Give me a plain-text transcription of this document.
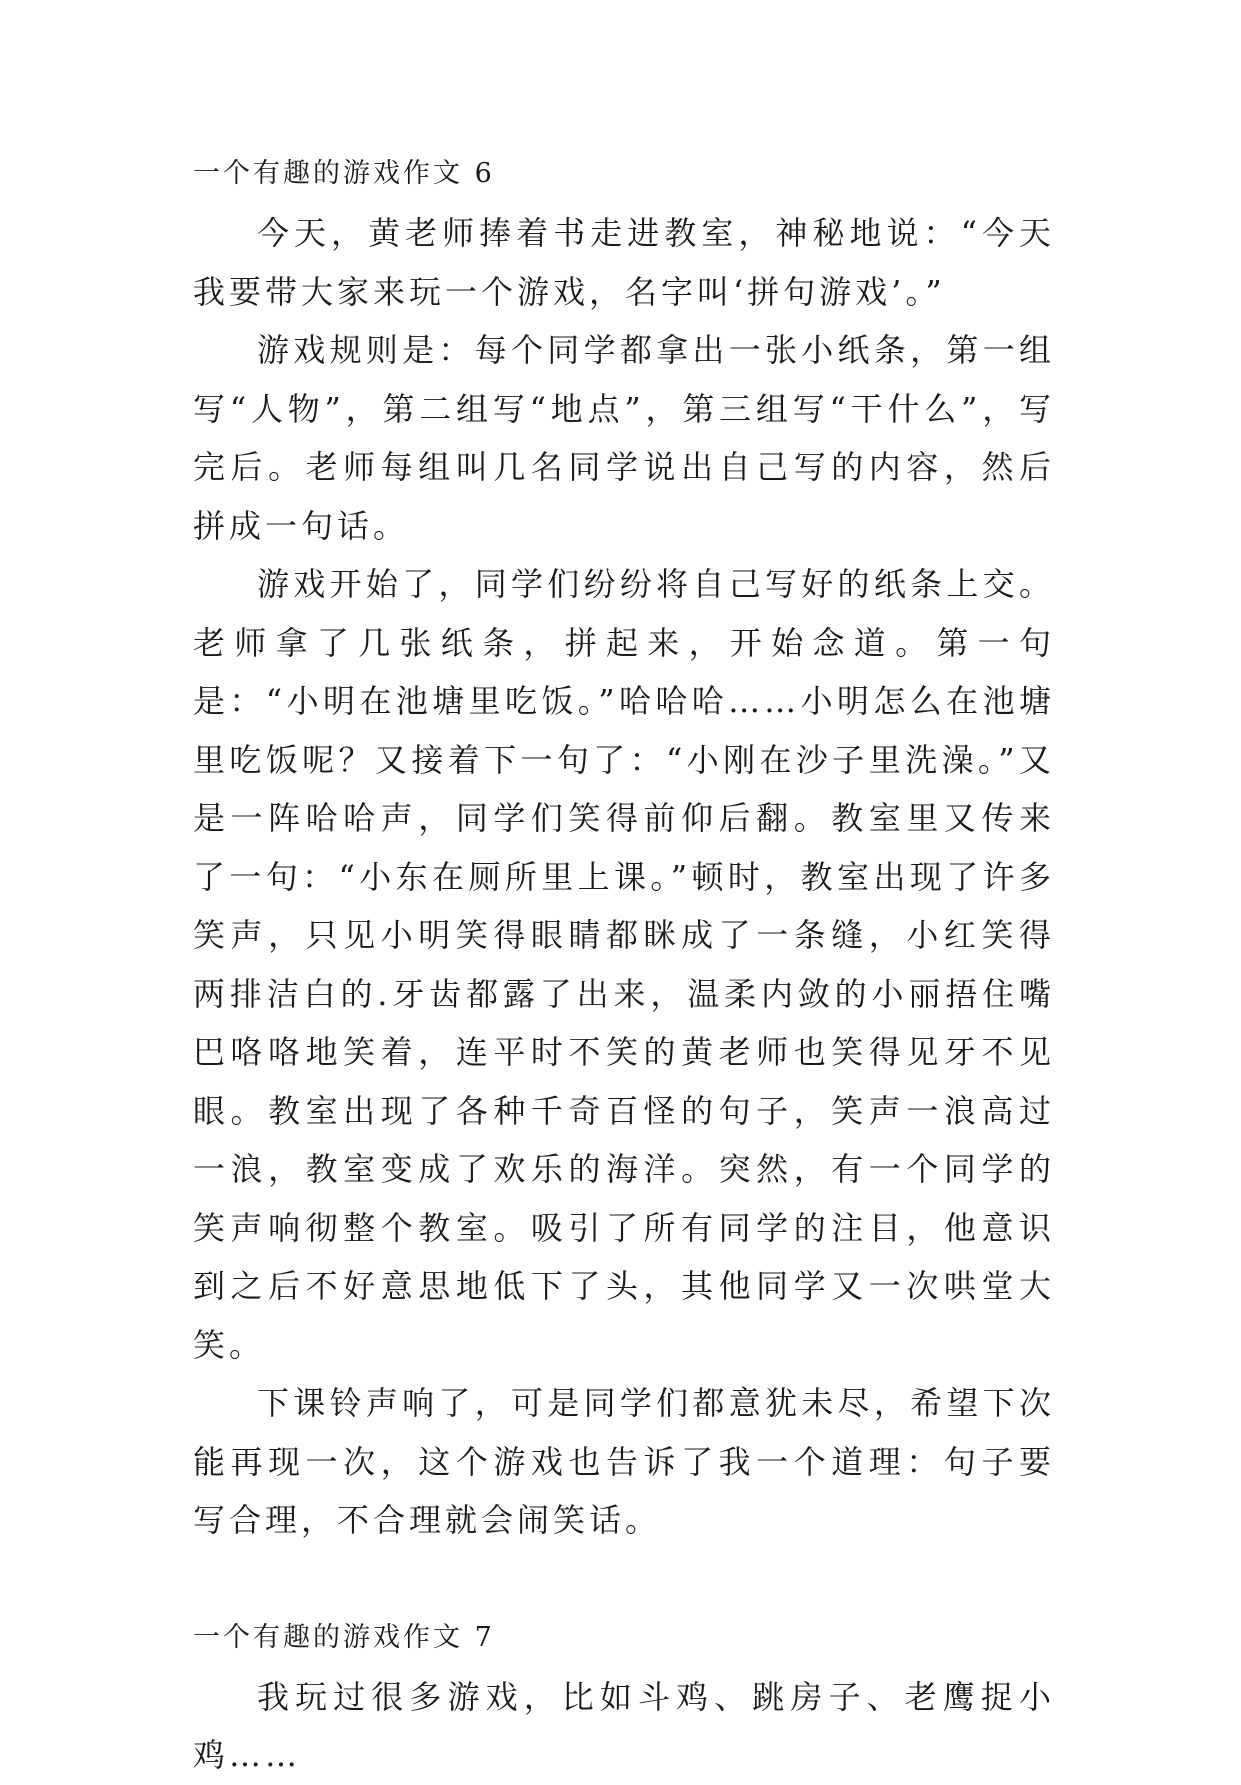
一个有趣的游戏作文 6

今天，黄老师捧着书走进教室，神秘地说：“今天我要带大家来玩一个游戏，名字叫‘拼句游戏’。”

游戏规则是：每个同学都拿出一张小纸条，第一组写“人物”，第二组写“地点”，第三组写“干什么”，写完后。老师每组叫几名同学说出自己写的内容，然后拼成一句话。

游戏开始了，同学们纷纷将自己写好的纸条上交。老师拿了几张纸条，拼起来，开始念道。第一句是：“小明在池塘里吃饭。”哈哈哈……小明怎么在池塘里吃饭呢？又接着下一句了：“小刚在沙子里洗澡。”又是一阵哈哈声，同学们笑得前仰后翻。教室里又传来了一句：“小东在厕所里上课。”顿时，教室出现了许多笑声，只见小明笑得眼睛都眯成了一条缝，小红笑得两排洁白的.牙齿都露了出来，温柔内敛的小丽捂住嘴巴咯咯地笑着，连平时不笑的黄老师也笑得见牙不见眼。教室出现了各种千奇百怪的句子，笑声一浪高过一浪，教室变成了欢乐的海洋。突然，有一个同学的笑声响彻整个教室。吸引了所有同学的注目，他意识到之后不好意思地低下了头，其他同学又一次哄堂大笑。

下课铃声响了，可是同学们都意犹未尽，希望下次能再现一次，这个游戏也告诉了我一个道理：句子要写合理，不合理就会闹笑话。

一个有趣的游戏作文 7

我玩过很多游戏，比如斗鸡、跳房子、老鹰捉小鸡……
